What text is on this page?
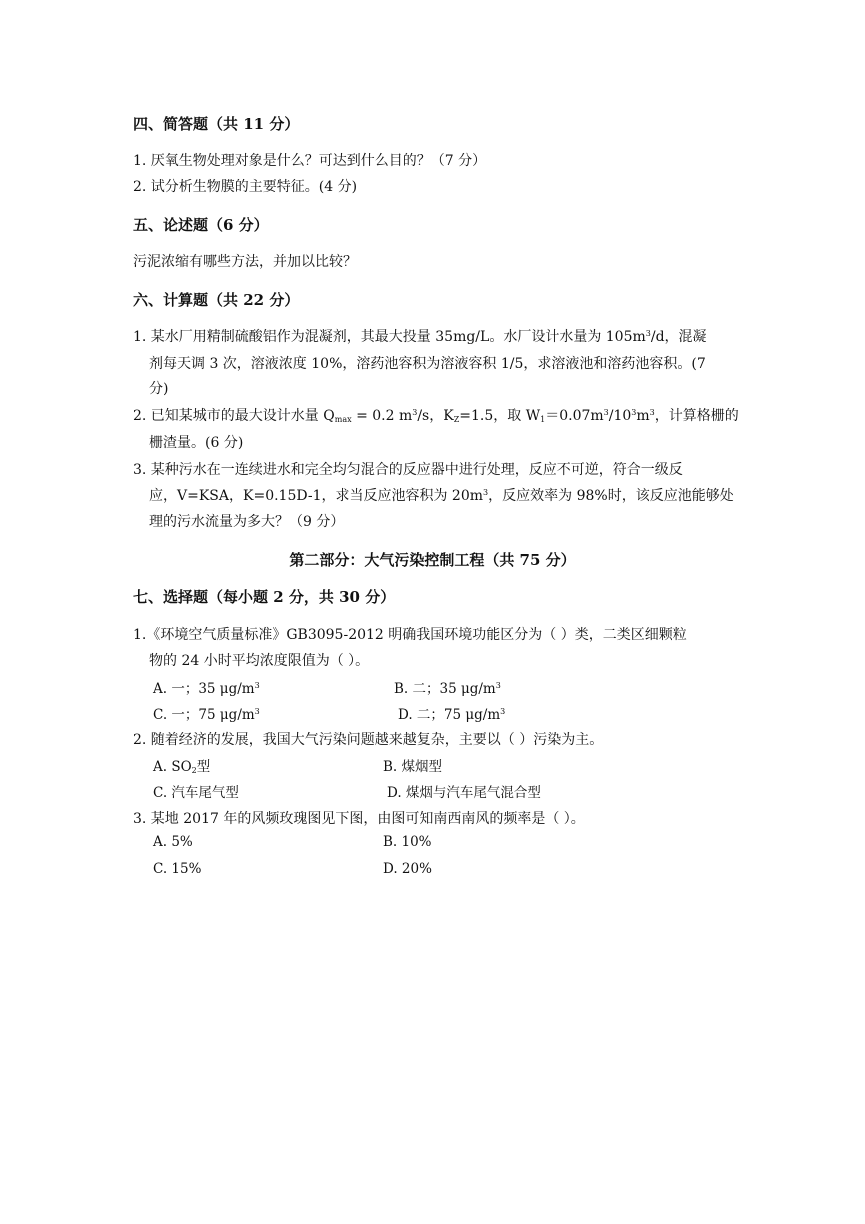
四、简答题（共 11 分）
1. 厌氧生物处理对象是什么？可达到什么目的？（7 分）
2. 试分析生物膜的主要特征。(4 分)
五、论述题（6 分）
污泥浓缩有哪些方法，并加以比较？
六、计算题（共 22 分）
1. 某水厂用精制硫酸铝作为混凝剂，其最大投量 35mg/L。水厂设计水量为 $105m^3/d$，混凝
剂每天调 3 次，溶液浓度 10%，溶药池容积为溶液容积 1/5，求溶液池和溶药池容积。(7
分)
2. 已知某城市的最大设计水量 $Q_{max} = 0.2$ $m^3/s$，$K_Z=1.5$，取 $W_1=0.07m^3/10^3m^3$，计算格栅的
栅渣量。(6 分)
3. 某种污水在一连续进水和完全均匀混合的反应器中进行处理，反应不可逆，符合一级反
应，V=KSA，K=0.15D-1，求当反应池容积为 $20m^3$，反应效率为 98%时，该反应池能够处
理的污水流量为多大？（9 分）
第二部分：大气污染控制工程（共 75 分）
七、选择题（每小题 2 分，共 30 分）
1.《环境空气质量标准》GB3095-2012 明确我国环境功能区分为（ ）类，二类区细颗粒
物的 24 小时平均浓度限值为（ ）。
A. 一；35 $\mu g/m^3$	B. 二；35 $\mu g/m^3$
C. 一；75 $\mu g/m^3$	D. 二；75 $\mu g/m^3$
2. 随着经济的发展，我国大气污染问题越来越复杂，主要以（ ）污染为主。
A. $SO_2$型	B. 煤烟型
C. 汽车尾气型	D. 煤烟与汽车尾气混合型
3. 某地 2017 年的风频玫瑰图见下图，由图可知南西南风的频率是（ ）。
A. 5%	B. 10%
C. 15%	D. 20%
